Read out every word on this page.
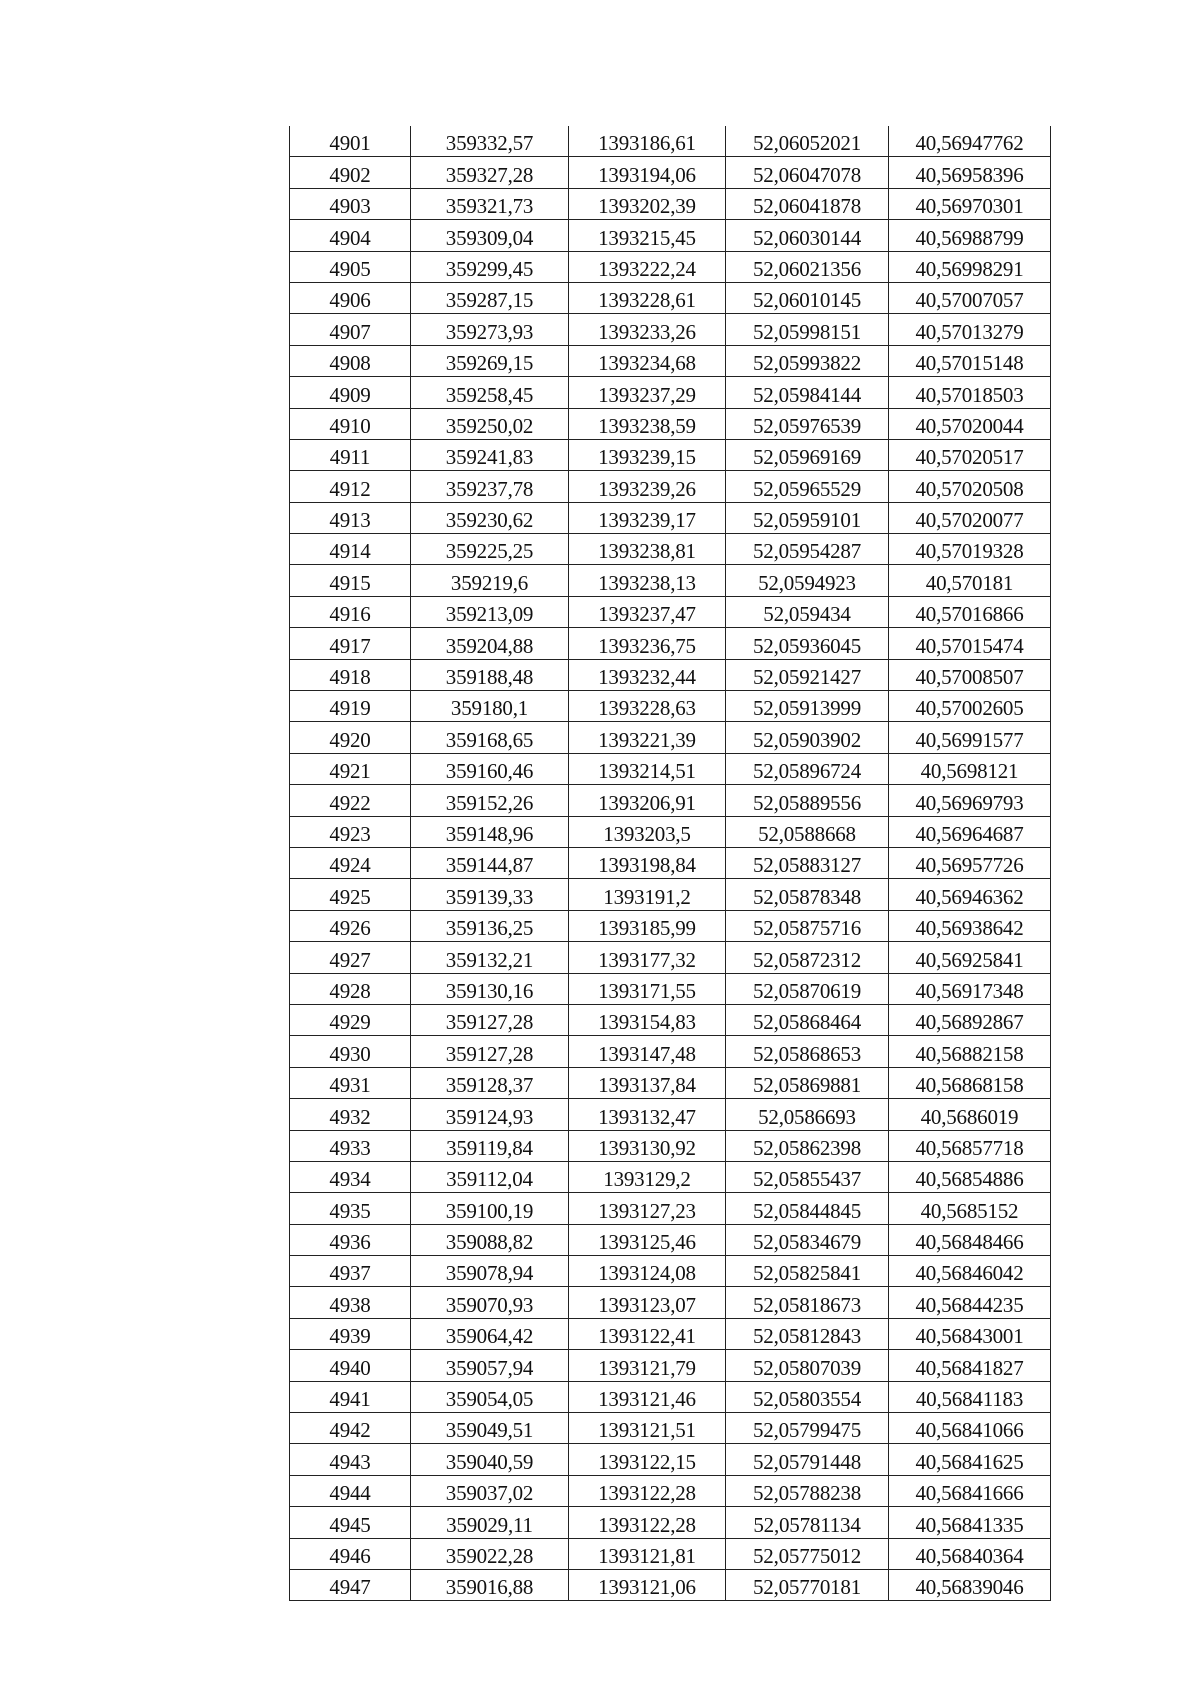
4901	359332,57	1393186,61	52,06052021	40,56947762
4902	359327,28	1393194,06	52,06047078	40,56958396
4903	359321,73	1393202,39	52,06041878	40,56970301
4904	359309,04	1393215,45	52,06030144	40,56988799
4905	359299,45	1393222,24	52,06021356	40,56998291
4906	359287,15	1393228,61	52,06010145	40,57007057
4907	359273,93	1393233,26	52,05998151	40,57013279
4908	359269,15	1393234,68	52,05993822	40,57015148
4909	359258,45	1393237,29	52,05984144	40,57018503
4910	359250,02	1393238,59	52,05976539	40,57020044
4911	359241,83	1393239,15	52,05969169	40,57020517
4912	359237,78	1393239,26	52,05965529	40,57020508
4913	359230,62	1393239,17	52,05959101	40,57020077
4914	359225,25	1393238,81	52,05954287	40,57019328
4915	359219,6	1393238,13	52,0594923	40,570181
4916	359213,09	1393237,47	52,059434	40,57016866
4917	359204,88	1393236,75	52,05936045	40,57015474
4918	359188,48	1393232,44	52,05921427	40,57008507
4919	359180,1	1393228,63	52,05913999	40,57002605
4920	359168,65	1393221,39	52,05903902	40,56991577
4921	359160,46	1393214,51	52,05896724	40,5698121
4922	359152,26	1393206,91	52,05889556	40,56969793
4923	359148,96	1393203,5	52,0588668	40,56964687
4924	359144,87	1393198,84	52,05883127	40,56957726
4925	359139,33	1393191,2	52,05878348	40,56946362
4926	359136,25	1393185,99	52,05875716	40,56938642
4927	359132,21	1393177,32	52,05872312	40,56925841
4928	359130,16	1393171,55	52,05870619	40,56917348
4929	359127,28	1393154,83	52,05868464	40,56892867
4930	359127,28	1393147,48	52,05868653	40,56882158
4931	359128,37	1393137,84	52,05869881	40,56868158
4932	359124,93	1393132,47	52,0586693	40,5686019
4933	359119,84	1393130,92	52,05862398	40,56857718
4934	359112,04	1393129,2	52,05855437	40,56854886
4935	359100,19	1393127,23	52,05844845	40,5685152
4936	359088,82	1393125,46	52,05834679	40,56848466
4937	359078,94	1393124,08	52,05825841	40,56846042
4938	359070,93	1393123,07	52,05818673	40,56844235
4939	359064,42	1393122,41	52,05812843	40,56843001
4940	359057,94	1393121,79	52,05807039	40,56841827
4941	359054,05	1393121,46	52,05803554	40,56841183
4942	359049,51	1393121,51	52,05799475	40,56841066
4943	359040,59	1393122,15	52,05791448	40,56841625
4944	359037,02	1393122,28	52,05788238	40,56841666
4945	359029,11	1393122,28	52,05781134	40,56841335
4946	359022,28	1393121,81	52,05775012	40,56840364
4947	359016,88	1393121,06	52,05770181	40,56839046
